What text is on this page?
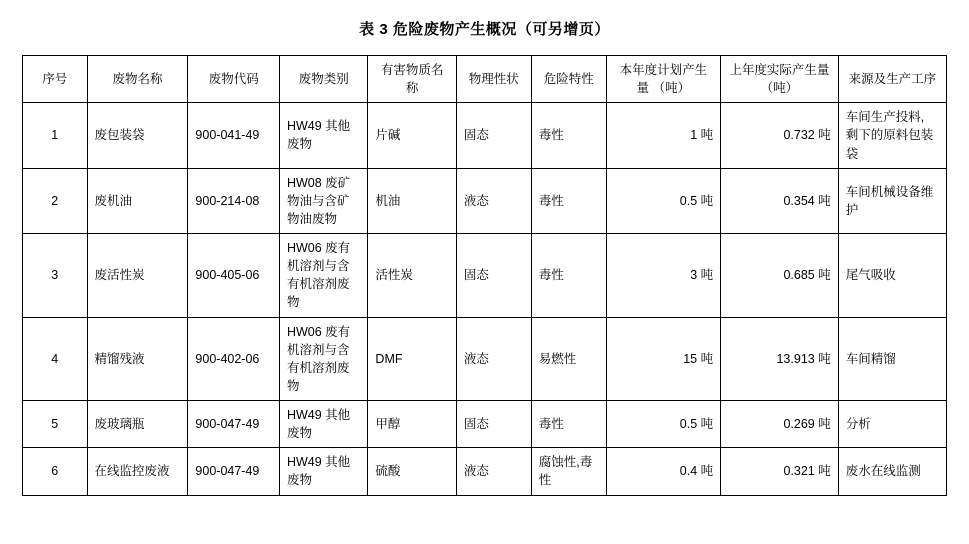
表 3 危险废物产生概况（可另增页）
序号	废物名称	废物代码	废物类别	有害物质名称	物理性状	危险特性	本年度计划产生量 （吨）	上年度实际产生量 （吨）	来源及生产工序
1	废包装袋	900-041-49	HW49 其他废物	片碱	固态	毒性	1 吨	0.732 吨	车间生产投料, 剩下的原料包装袋
2	废机油	900-214-08	HW08 废矿物油与含矿物油废物	机油	液态	毒性	0.5 吨	0.354 吨	车间机械设备维护
3	废活性炭	900-405-06	HW06 废有机溶剂与含有机溶剂废物	活性炭	固态	毒性	3 吨	0.685 吨	尾气吸收
4	精馏残液	900-402-06	HW06 废有机溶剂与含有机溶剂废物	DMF	液态	易燃性	15 吨	13.913 吨	车间精馏
5	废玻璃瓶	900-047-49	HW49 其他废物	甲醇	固态	毒性	0.5 吨	0.269 吨	分析
6	在线监控废液	900-047-49	HW49 其他废物	硫酸	液态	腐蚀性,毒性	0.4 吨	0.321 吨	废水在线监测
